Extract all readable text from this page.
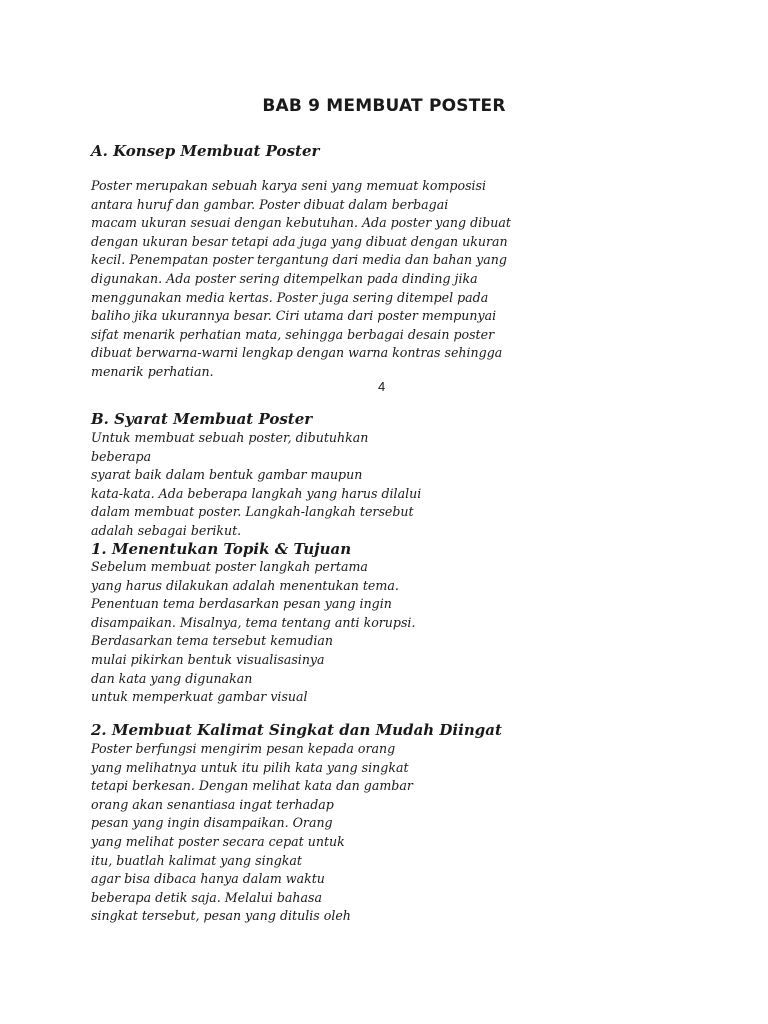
BAB 9 MEMBUAT POSTER
A. Konsep Membuat Poster
Poster merupakan sebuah karya seni yang memuat komposisi
antara huruf dan gambar. Poster dibuat dalam berbagai
macam ukuran sesuai dengan kebutuhan. Ada poster yang dibuat
dengan ukuran besar tetapi ada juga yang dibuat dengan ukuran
kecil. Penempatan poster tergantung dari media dan bahan yang
digunakan. Ada poster sering ditempelkan pada dinding jika
menggunakan media kertas. Poster juga sering ditempel pada
baliho jika ukurannya besar. Ciri utama dari poster mempunyai
sifat menarik perhatian mata, sehingga berbagai desain poster
dibuat berwarna-warni lengkap dengan warna kontras sehingga
menarik perhatian.
4
B. Syarat Membuat Poster
Untuk membuat sebuah poster, dibutuhkan
beberapa
syarat baik dalam bentuk gambar maupun
kata-kata. Ada beberapa langkah yang harus dilalui
dalam membuat poster. Langkah-langkah tersebut
adalah sebagai berikut.
1. Menentukan Topik & Tujuan
Sebelum membuat poster langkah pertama
yang harus dilakukan adalah menentukan tema.
Penentuan tema berdasarkan pesan yang ingin
disampaikan. Misalnya, tema tentang anti korupsi.
Berdasarkan tema tersebut kemudian
mulai pikirkan bentuk visualisasinya
dan kata yang digunakan
untuk memperkuat gambar visual
2. Membuat Kalimat Singkat dan Mudah Diingat
Poster berfungsi mengirim pesan kepada orang
yang melihatnya untuk itu pilih kata yang singkat
tetapi berkesan. Dengan melihat kata dan gambar
orang akan senantiasa ingat terhadap
pesan yang ingin disampaikan. Orang
yang melihat poster secara cepat untuk
itu, buatlah kalimat yang singkat
agar bisa dibaca hanya dalam waktu
beberapa detik saja. Melalui bahasa
singkat tersebut, pesan yang ditulis oleh
